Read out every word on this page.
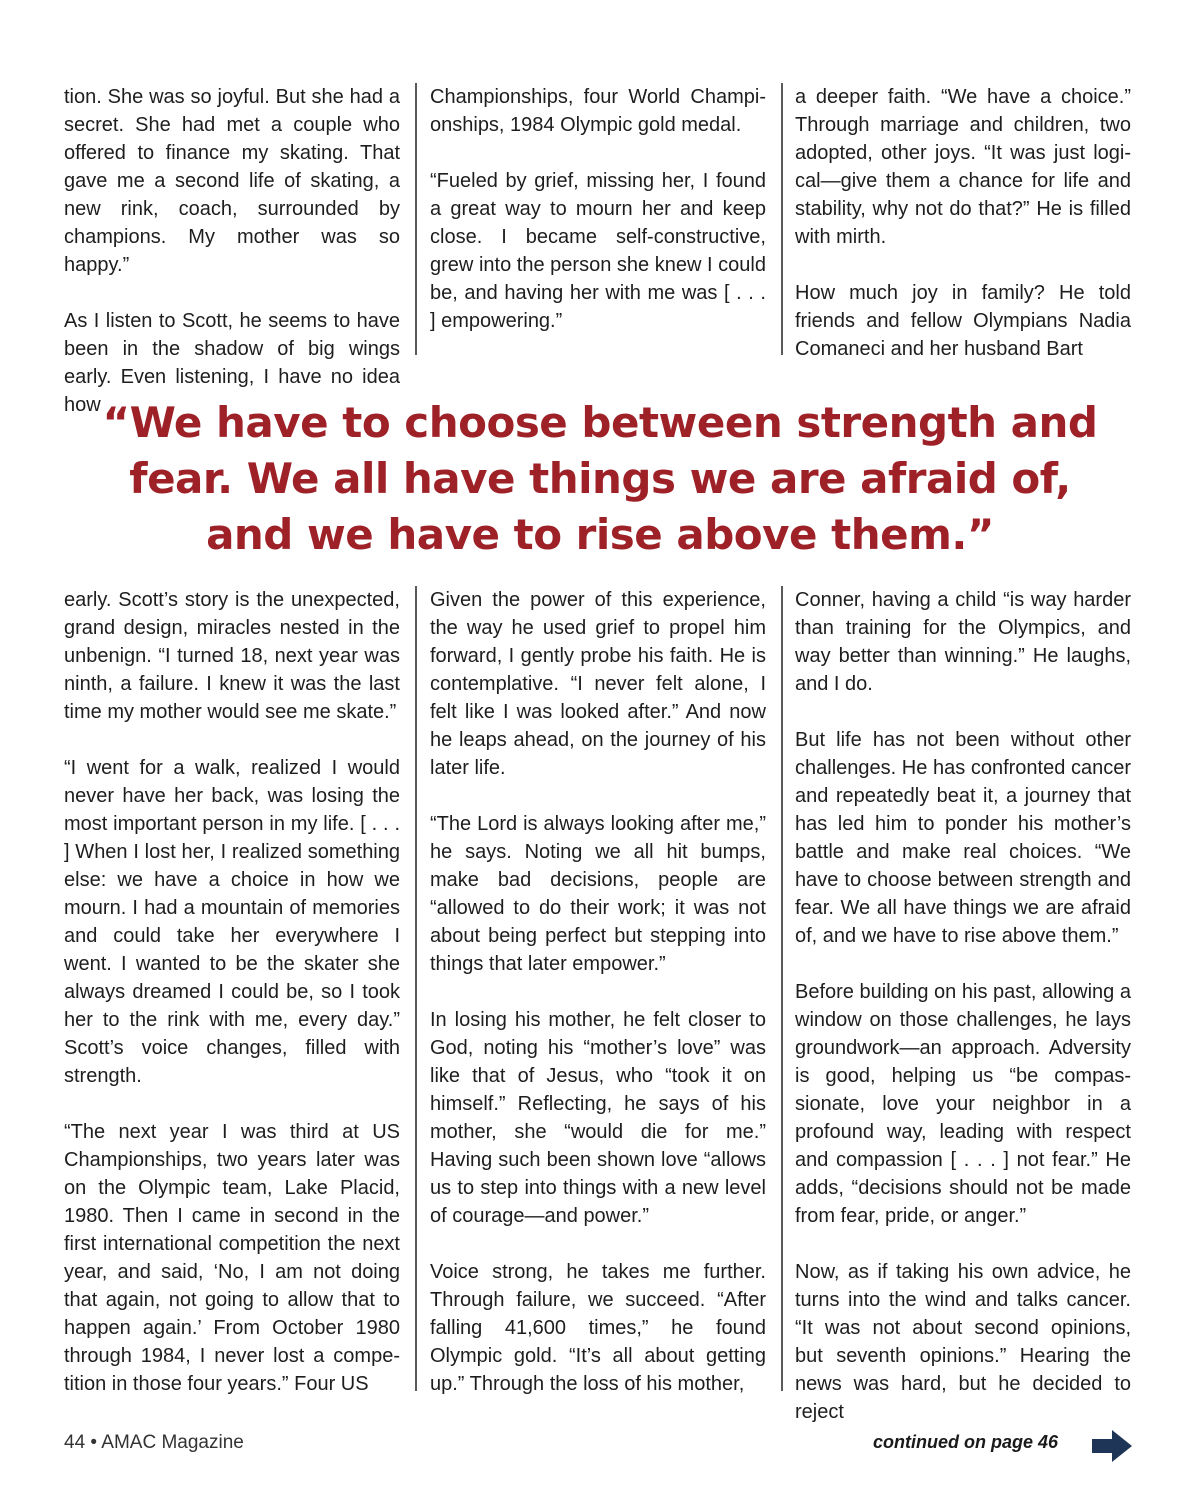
tion. She was so joyful. But she had a secret. She had met a couple who offered to finance my skating. That gave me a second life of skating, a new rink, coach, surrounded by champions. My mother was so happy.”

As I listen to Scott, he seems to have been in the shadow of big wings early. Even listening, I have no idea how

Championships, four World Championships, 1984 Olympic gold medal.

“Fueled by grief, missing her, I found a great way to mourn her and keep close. I became self-constructive, grew into the person she knew I could be, and having her with me was [ . . . ] empowering.”

a deeper faith. “We have a choice.” Through marriage and children, two adopted, other joys. “It was just logical—give them a chance for life and stability, why not do that?” He is filled with mirth.

How much joy in family? He told friends and fellow Olympians Nadia Comaneci and her husband Bart

“We have to choose between strength and fear. We all have things we are afraid of, and we have to rise above them.”

early. Scott’s story is the unexpected, grand design, miracles nested in the unbenign. “I turned 18, next year was ninth, a failure. I knew it was the last time my mother would see me skate.”

“I went for a walk, realized I would never have her back, was losing the most important person in my life. [ . . . ] When I lost her, I realized something else: we have a choice in how we mourn. I had a mountain of memories and could take her everywhere I went. I wanted to be the skater she always dreamed I could be, so I took her to the rink with me, every day.” Scott’s voice changes, filled with strength.

“The next year I was third at US Championships, two years later was on the Olympic team, Lake Placid, 1980. Then I came in second in the first international competition the next year, and said, ‘No, I am not doing that again, not going to allow that to happen again.’ From October 1980 through 1984, I never lost a competition in those four years.” Four US

Given the power of this experience, the way he used grief to propel him forward, I gently probe his faith. He is contemplative. “I never felt alone, I felt like I was looked after.” And now he leaps ahead, on the journey of his later life.

“The Lord is always looking after me,” he says. Noting we all hit bumps, make bad decisions, people are “allowed to do their work; it was not about being perfect but stepping into things that later empower.”

In losing his mother, he felt closer to God, noting his “mother’s love” was like that of Jesus, who “took it on himself.” Reflecting, he says of his mother, she “would die for me.” Having such been shown love “allows us to step into things with a new level of courage—and power.”

Voice strong, he takes me further. Through failure, we succeed. “After falling 41,600 times,” he found Olympic gold. “It’s all about getting up.” Through the loss of his mother,

Conner, having a child “is way harder than training for the Olympics, and way better than winning.” He laughs, and I do.

But life has not been without other challenges. He has confronted cancer and repeatedly beat it, a journey that has led him to ponder his mother’s battle and make real choices. “We have to choose between strength and fear. We all have things we are afraid of, and we have to rise above them.”

Before building on his past, allowing a window on those challenges, he lays groundwork—an approach. Adversity is good, helping us “be compassionate, love your neighbor in a profound way, leading with respect and compassion [ . . . ] not fear.” He adds, “decisions should not be made from fear, pride, or anger.”

Now, as if taking his own advice, he turns into the wind and talks cancer. “It was not about second opinions, but seventh opinions.” Hearing the news was hard, but he decided to reject

44 • AMAC Magazine	continued on page 46
